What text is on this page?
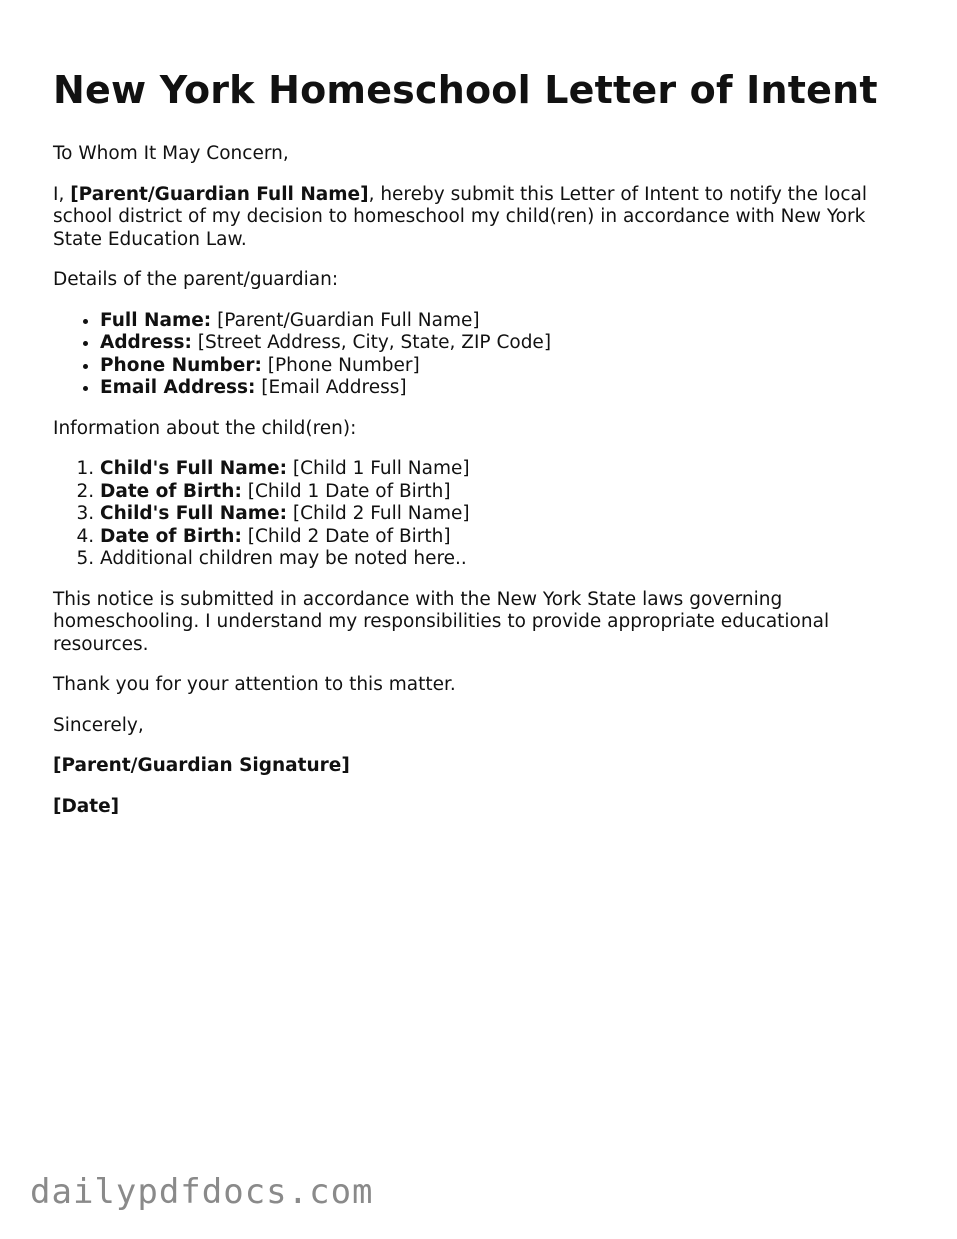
New York Homeschool Letter of Intent

To Whom It May Concern,

I, [Parent/Guardian Full Name], hereby submit this Letter of Intent to notify the local school district of my decision to homeschool my child(ren) in accordance with New York State Education Law.

Details of the parent/guardian:

• Full Name: [Parent/Guardian Full Name]
• Address: [Street Address, City, State, ZIP Code]
• Phone Number: [Phone Number]
• Email Address: [Email Address]

Information about the child(ren):

1. Child's Full Name: [Child 1 Full Name]
2. Date of Birth: [Child 1 Date of Birth]
3. Child's Full Name: [Child 2 Full Name]
4. Date of Birth: [Child 2 Date of Birth]
5. Additional children may be noted here..

This notice is submitted in accordance with the New York State laws governing homeschooling. I understand my responsibilities to provide appropriate educational resources.

Thank you for your attention to this matter.

Sincerely,

[Parent/Guardian Signature]

[Date]

dailypdfdocs.com
